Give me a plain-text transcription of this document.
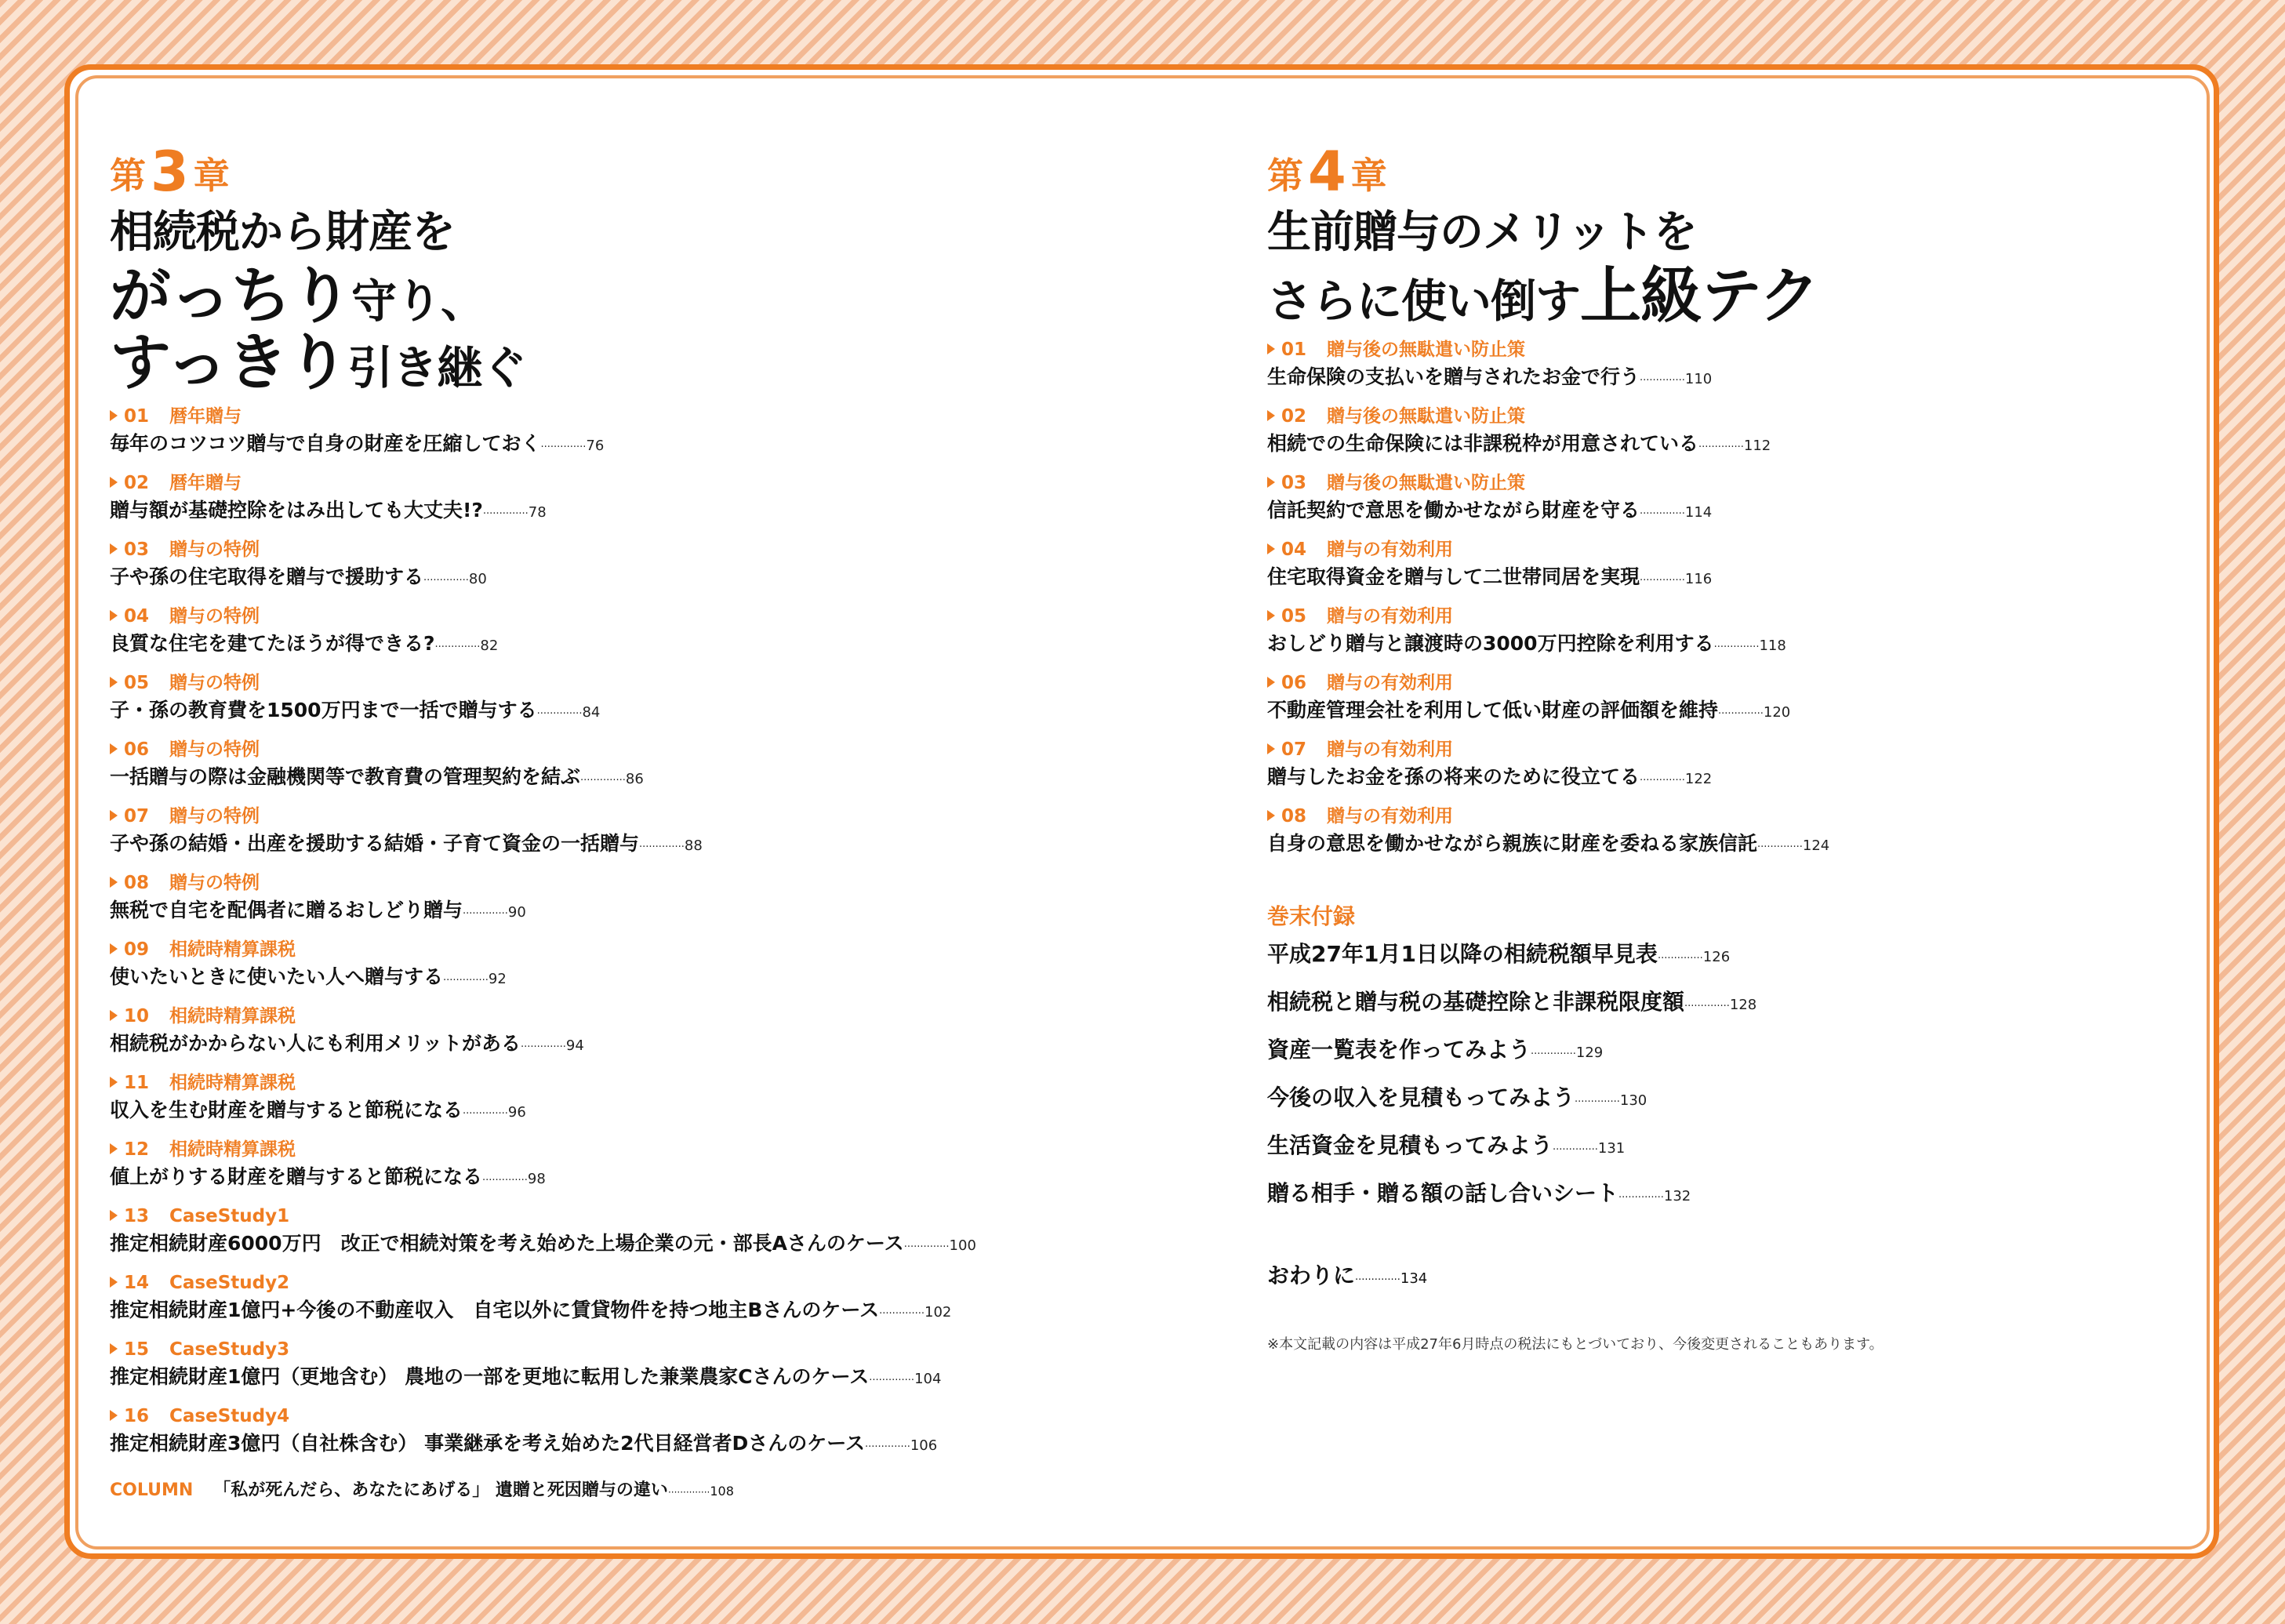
第 3 章
相続税から財産を
がっちり守り、
すっきり引き継ぐ
01 暦年贈与
毎年のコツコツ贈与で自身の財産を圧縮しておく··············76
02 暦年贈与
贈与額が基礎控除をはみ出しても大丈夫!?··············78
03 贈与の特例
子や孫の住宅取得を贈与で援助する··············80
04 贈与の特例
良質な住宅を建てたほうが得できる?··············82
05 贈与の特例
子・孫の教育費を1500万円まで一括で贈与する··············84
06 贈与の特例
一括贈与の際は金融機関等で教育費の管理契約を結ぶ··············86
07 贈与の特例
子や孫の結婚・出産を援助する結婚・子育て資金の一括贈与··············88
08 贈与の特例
無税で自宅を配偶者に贈るおしどり贈与··············90
09 相続時精算課税
使いたいときに使いたい人へ贈与する··············92
10 相続時精算課税
相続税がかからない人にも利用メリットがある··············94
11 相続時精算課税
収入を生む財産を贈与すると節税になる··············96
12 相続時精算課税
値上がりする財産を贈与すると節税になる··············98
13 CaseStudy1
推定相続財産6000万円　改正で相続対策を考え始めた上場企業の元・部長Aさんのケース··············100
14 CaseStudy2
推定相続財産1億円+今後の不動産収入　自宅以外に賃貸物件を持つ地主Bさんのケース··············102
15 CaseStudy3
推定相続財産1億円（更地含む） 農地の一部を更地に転用した兼業農家Cさんのケース··············104
16 CaseStudy4
推定相続財産3億円（自社株含む） 事業継承を考え始めた2代目経営者Dさんのケース··············106
COLUMN 「私が死んだら、あなたにあげる」 遺贈と死因贈与の違い··············108
第 4 章
生前贈与のメリットを
さらに使い倒す上級テク
01 贈与後の無駄遣い防止策
生命保険の支払いを贈与されたお金で行う··············110
02 贈与後の無駄遣い防止策
相続での生命保険には非課税枠が用意されている··············112
03 贈与後の無駄遣い防止策
信託契約で意思を働かせながら財産を守る··············114
04 贈与の有効利用
住宅取得資金を贈与して二世帯同居を実現··············116
05 贈与の有効利用
おしどり贈与と譲渡時の3000万円控除を利用する··············118
06 贈与の有効利用
不動産管理会社を利用して低い財産の評価額を維持··············120
07 贈与の有効利用
贈与したお金を孫の将来のために役立てる··············122
08 贈与の有効利用
自身の意思を働かせながら親族に財産を委ねる家族信託··············124
巻末付録
平成27年1月1日以降の相続税額早見表··············126
相続税と贈与税の基礎控除と非課税限度額··············128
資産一覧表を作ってみよう··············129
今後の収入を見積もってみよう··············130
生活資金を見積もってみよう··············131
贈る相手・贈る額の話し合いシート··············132
おわりに··············134
※本文記載の内容は平成27年6月時点の税法にもとづいており、今後変更されることもあります。
